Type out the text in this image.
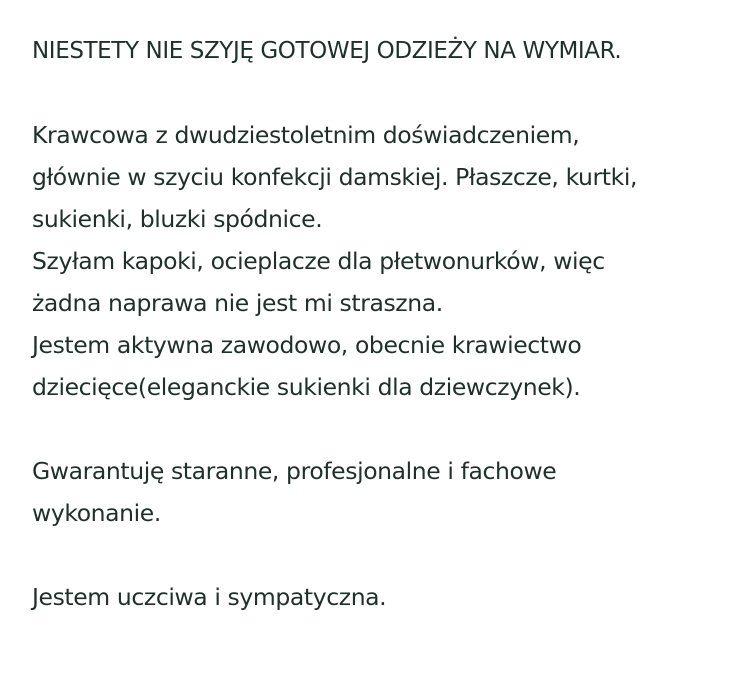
NIESTETY NIE SZYJĘ GOTOWEJ ODZIEŻY NA WYMIAR.

Krawcowa z dwudziestoletnim doświadczeniem,

głównie w szyciu konfekcji damskiej. Płaszcze, kurtki,

sukienki, bluzki spódnice.

Szyłam kapoki, ocieplacze dla płetwonurków, więc

żadna naprawa nie jest mi straszna.

Jestem aktywna zawodowo, obecnie krawiectwo

dziecięce(eleganckie sukienki dla dziewczynek).

Gwarantuję staranne, profesjonalne i fachowe

wykonanie.

Jestem uczciwa i sympatyczna.
